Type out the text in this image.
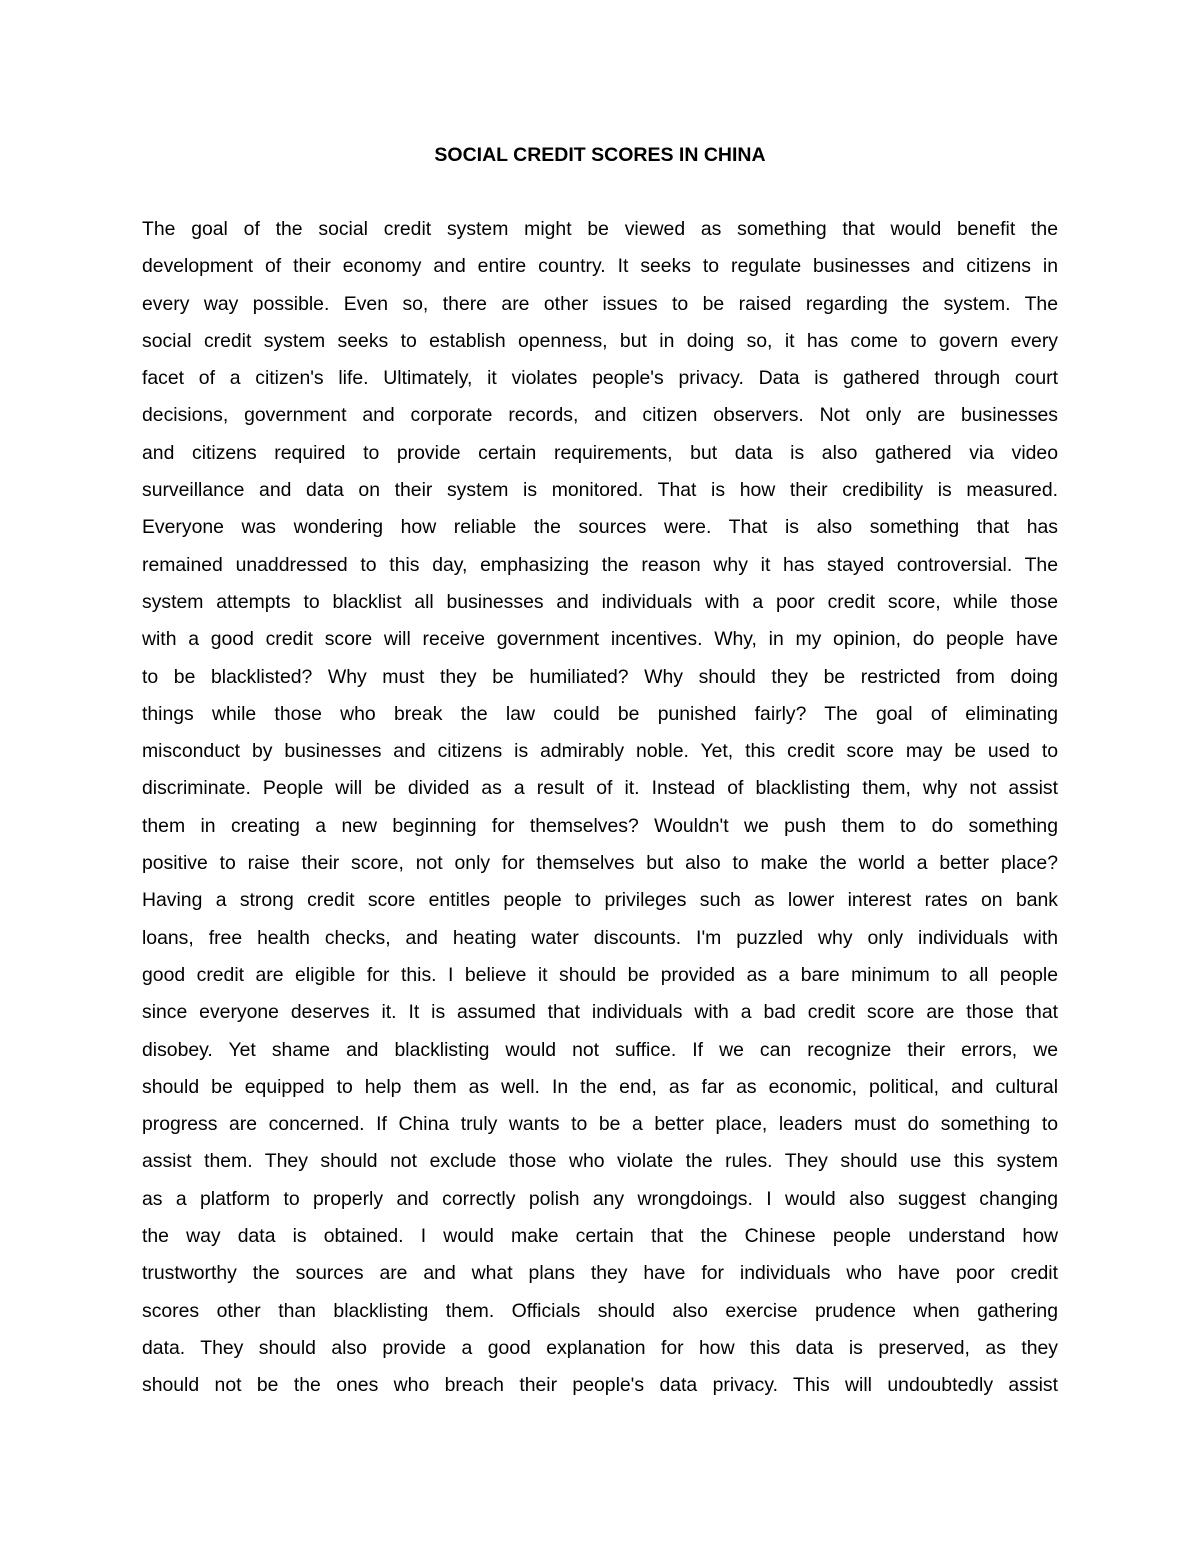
SOCIAL CREDIT SCORES IN CHINA
The goal of the social credit system might be viewed as something that would benefit the
development of their economy and entire country. It seeks to regulate businesses and citizens in
every way possible. Even so, there are other issues to be raised regarding the system. The
social credit system seeks to establish openness, but in doing so, it has come to govern every
facet of a citizen's life. Ultimately, it violates people's privacy. Data is gathered through court
decisions, government and corporate records, and citizen observers. Not only are businesses
and citizens required to provide certain requirements, but data is also gathered via video
surveillance and data on their system is monitored. That is how their credibility is measured.
Everyone was wondering how reliable the sources were. That is also something that has
remained unaddressed to this day, emphasizing the reason why it has stayed controversial. The
system attempts to blacklist all businesses and individuals with a poor credit score, while those
with a good credit score will receive government incentives. Why, in my opinion, do people have
to be blacklisted? Why must they be humiliated? Why should they be restricted from doing
things while those who break the law could be punished fairly? The goal of eliminating
misconduct by businesses and citizens is admirably noble. Yet, this credit score may be used to
discriminate. People will be divided as a result of it. Instead of blacklisting them, why not assist
them in creating a new beginning for themselves? Wouldn't we push them to do something
positive to raise their score, not only for themselves but also to make the world a better place?
Having a strong credit score entitles people to privileges such as lower interest rates on bank
loans, free health checks, and heating water discounts. I'm puzzled why only individuals with
good credit are eligible for this. I believe it should be provided as a bare minimum to all people
since everyone deserves it. It is assumed that individuals with a bad credit score are those that
disobey. Yet shame and blacklisting would not suffice. If we can recognize their errors, we
should be equipped to help them as well. In the end, as far as economic, political, and cultural
progress are concerned. If China truly wants to be a better place, leaders must do something to
assist them. They should not exclude those who violate the rules. They should use this system
as a platform to properly and correctly polish any wrongdoings. I would also suggest changing
the way data is obtained. I would make certain that the Chinese people understand how
trustworthy the sources are and what plans they have for individuals who have poor credit
scores other than blacklisting them. Officials should also exercise prudence when gathering
data. They should also provide a good explanation for how this data is preserved, as they
should not be the ones who breach their people's data privacy. This will undoubtedly assist
